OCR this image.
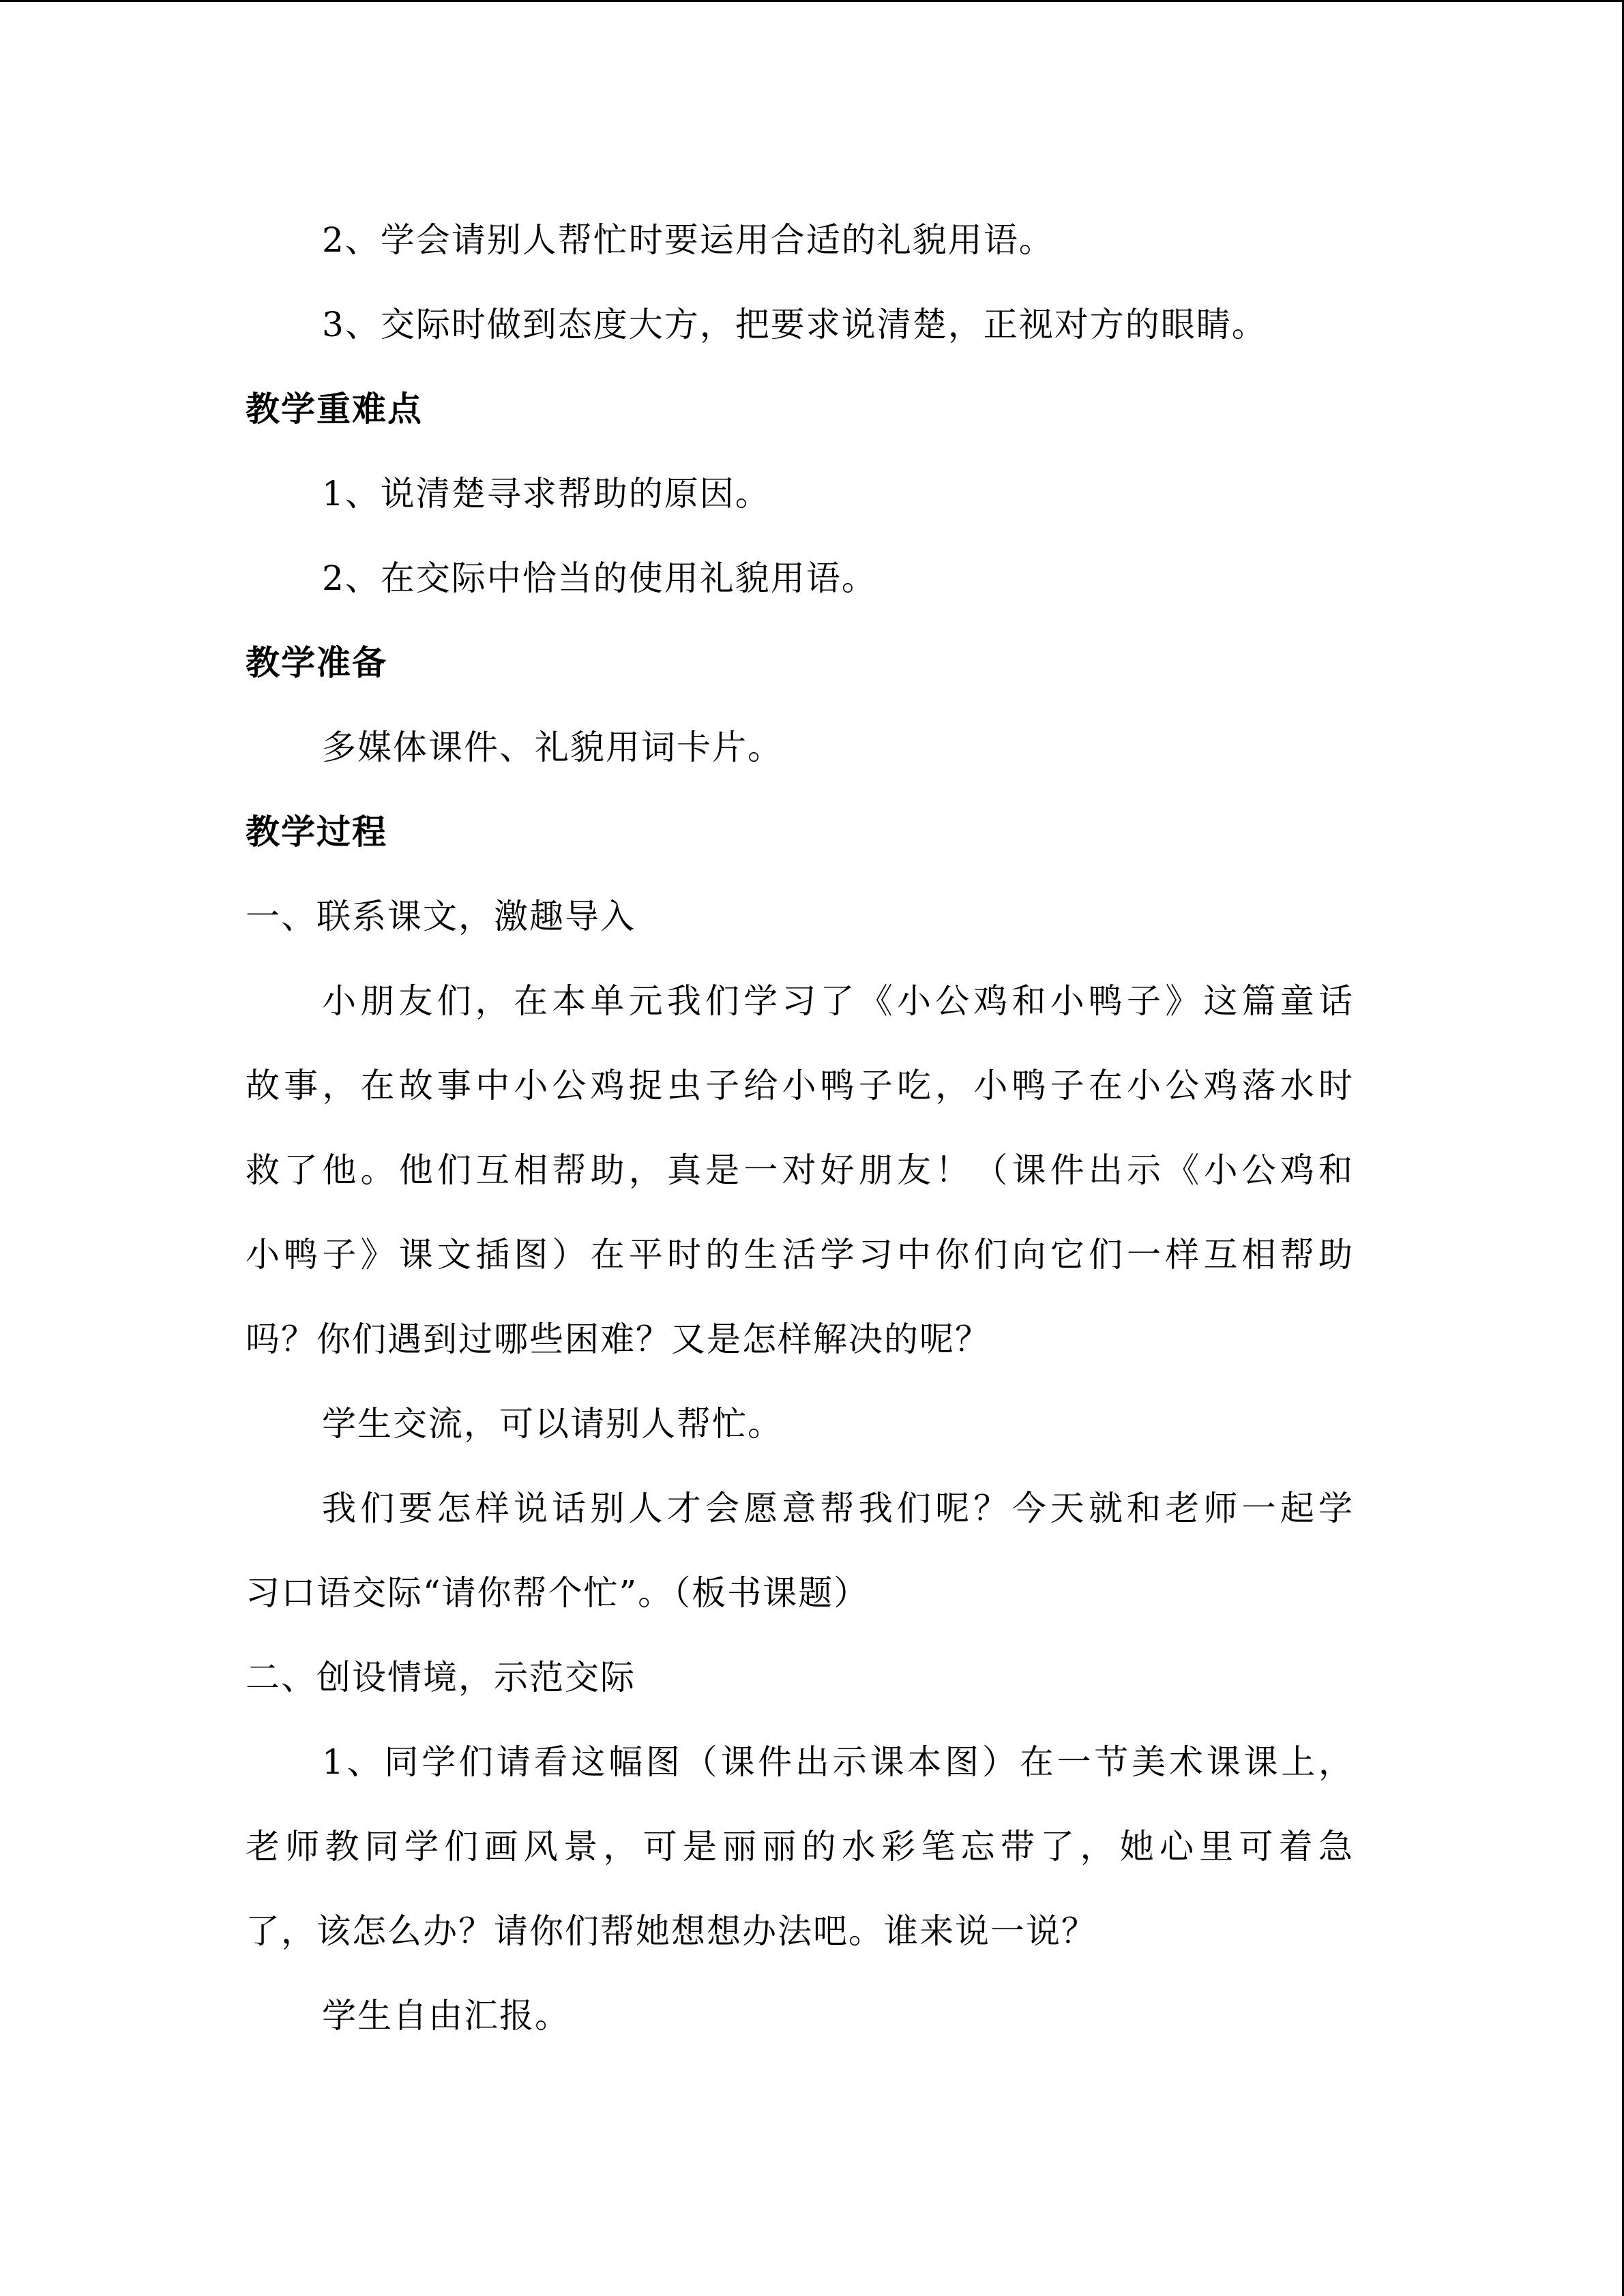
2、学会请别人帮忙时要运用合适的礼貌用语。
3、交际时做到态度大方，把要求说清楚，正视对方的眼睛。
教学重难点
1、说清楚寻求帮助的原因。
2、在交际中恰当的使用礼貌用语。
教学准备
多媒体课件、礼貌用词卡片。
教学过程
一、联系课文，激趣导入
小朋友们，在本单元我们学习了《小公鸡和小鸭子》这篇童话
故事，在故事中小公鸡捉虫子给小鸭子吃，小鸭子在小公鸡落水时
救了他。他们互相帮助，真是一对好朋友！（课件出示《小公鸡和
小鸭子》课文插图）在平时的生活学习中你们向它们一样互相帮助
吗？你们遇到过哪些困难？又是怎样解决的呢？
学生交流，可以请别人帮忙。
我们要怎样说话别人才会愿意帮我们呢？今天就和老师一起学
习口语交际“请你帮个忙”。（板书课题）
二、创设情境，示范交际
1、同学们请看这幅图（课件出示课本图）在一节美术课课上，
老师教同学们画风景，可是丽丽的水彩笔忘带了，她心里可着急
了，该怎么办？请你们帮她想想办法吧。谁来说一说？
学生自由汇报。
